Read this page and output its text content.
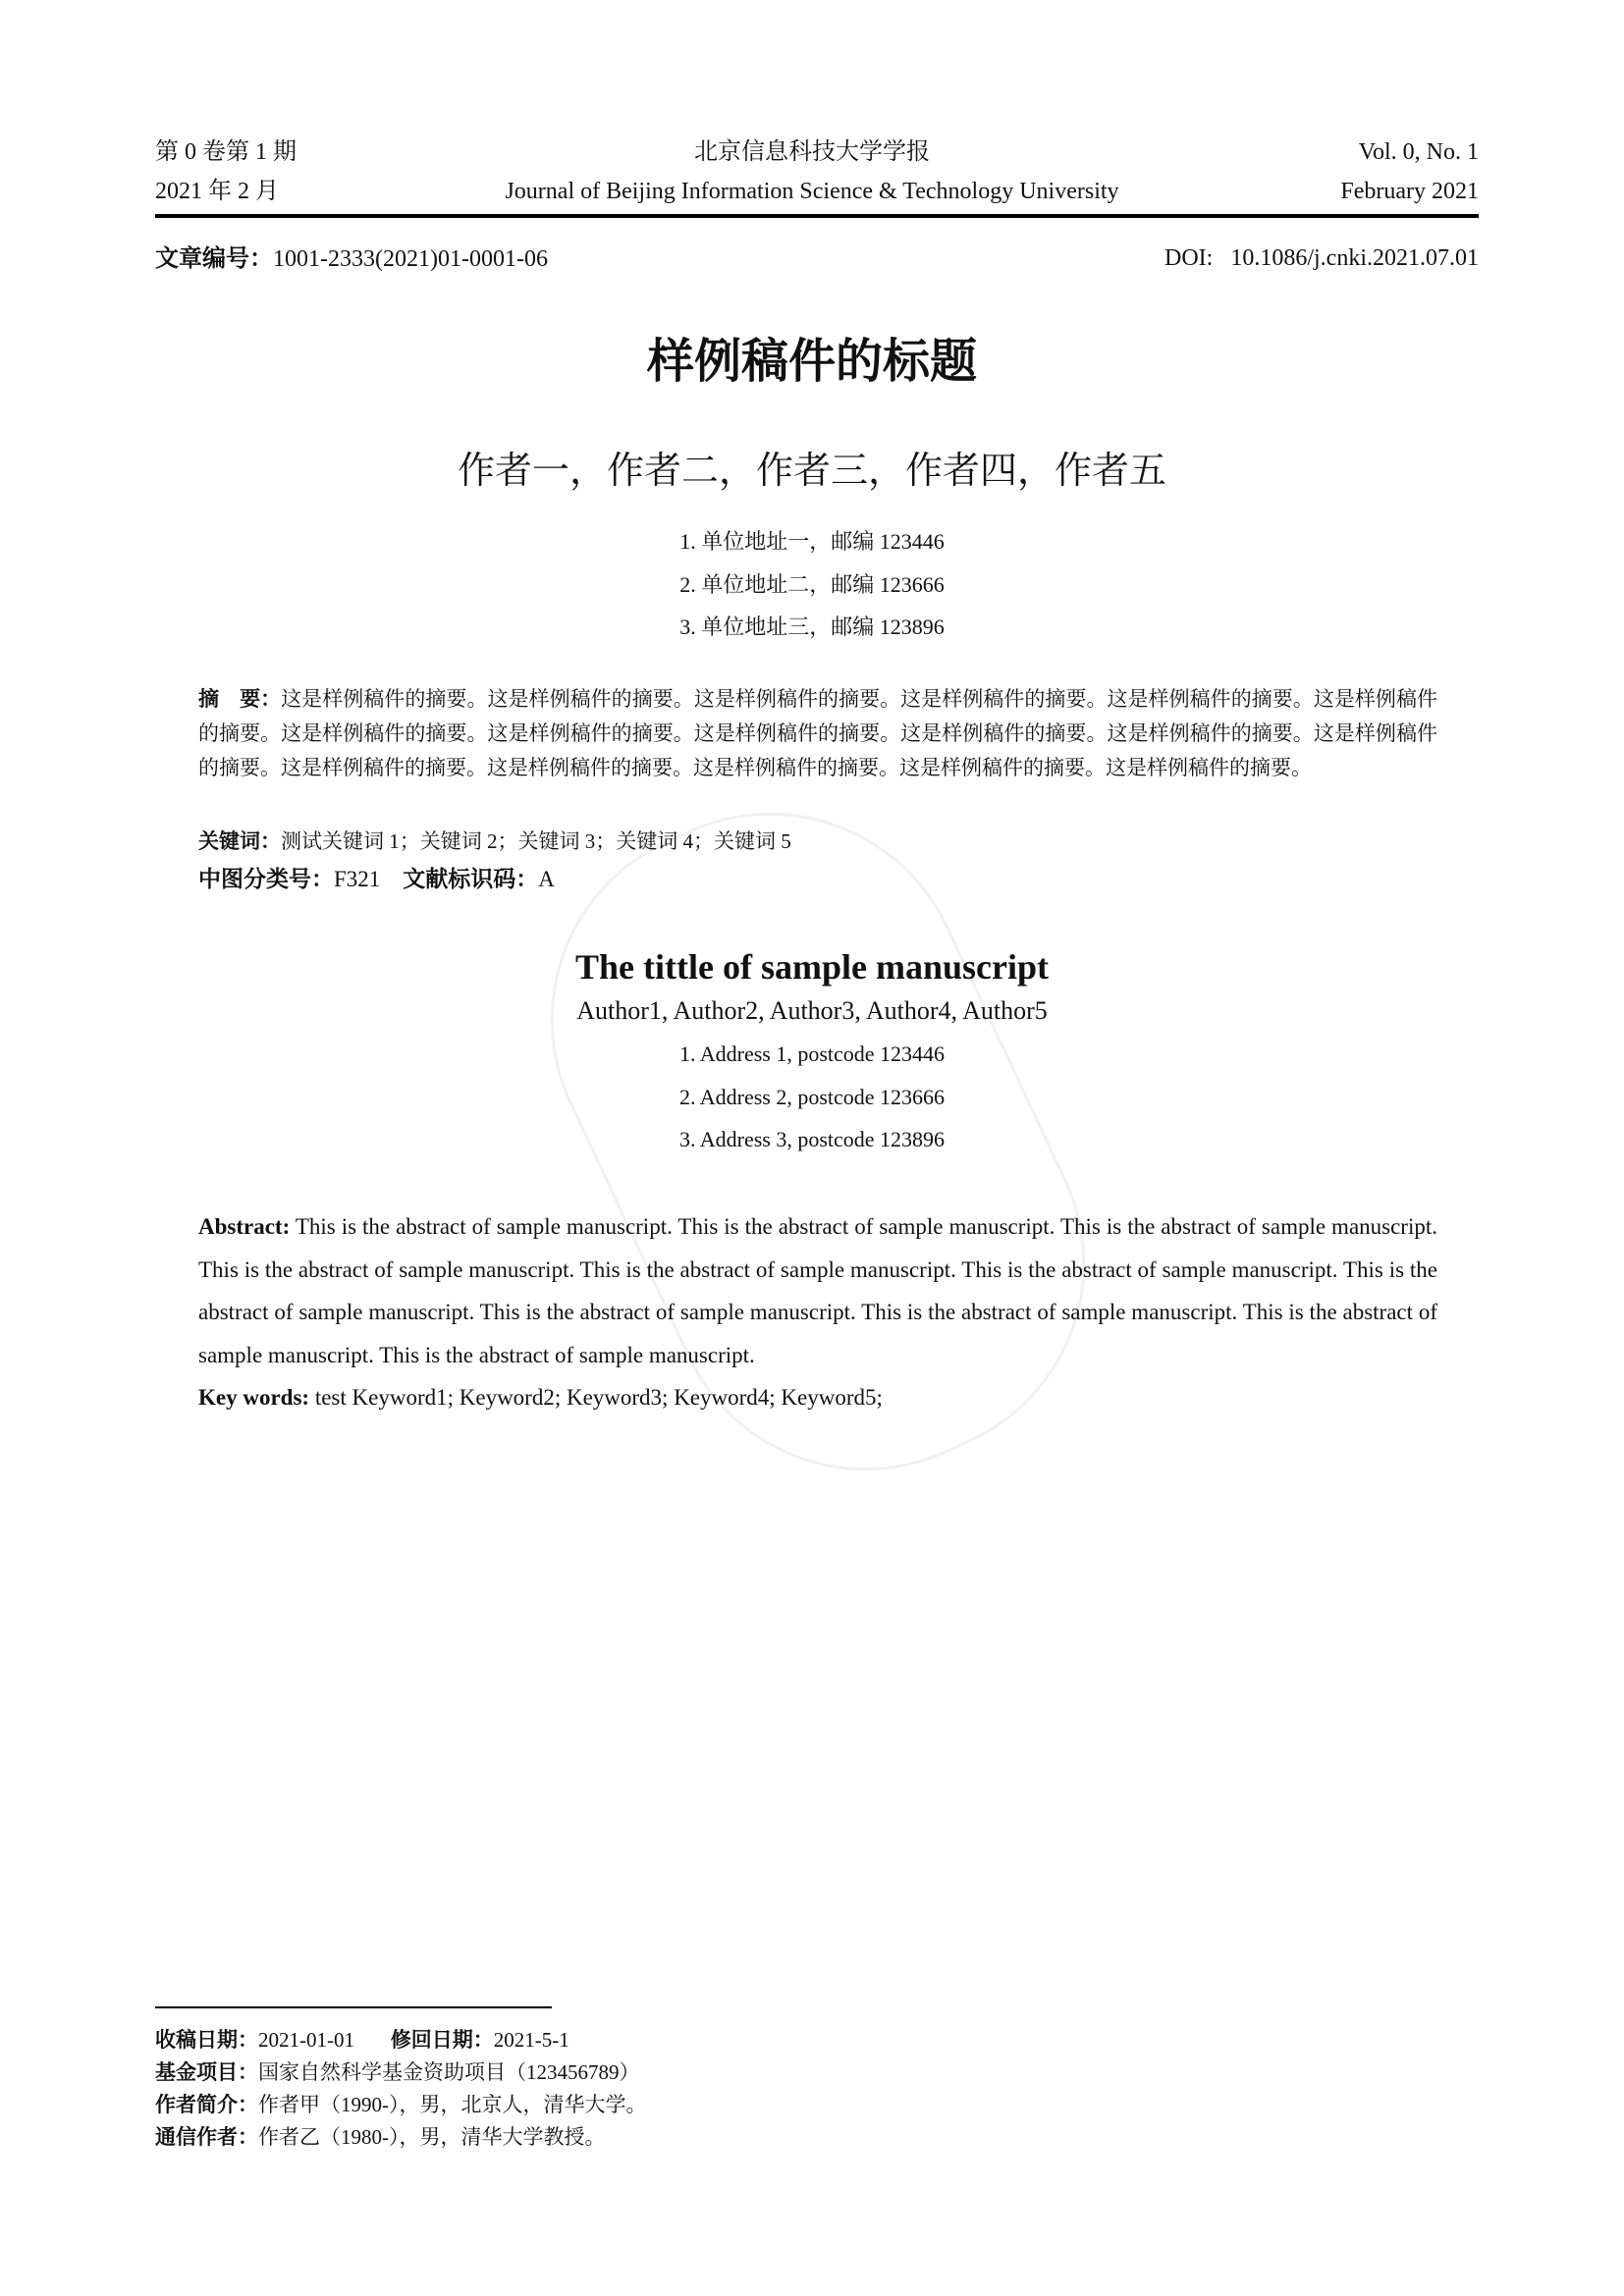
第 0 卷第 1 期	北京信息科技大学学报	Vol. 0, No. 1
2021 年 2 月	Journal of Beijing Information Science & Technology University	February 2021
文章编号：1001-2333(2021)01-0001-06	DOI: 10.1086/j.cnki.2021.07.01
样例稿件的标题
作者一，作者二，作者三，作者四，作者五
1. 单位地址一，邮编 123446
2. 单位地址二，邮编 123666
3. 单位地址三，邮编 123896
摘　要：这是样例稿件的摘要。这是样例稿件的摘要。这是样例稿件的摘要。这是样例稿件的摘要。这是样例稿件的摘要。这是样例稿件的摘要。这是样例稿件的摘要。这是样例稿件的摘要。这是样例稿件的摘要。这是样例稿件的摘要。这是样例稿件的摘要。这是样例稿件的摘要。这是样例稿件的摘要。这是样例稿件的摘要。这是样例稿件的摘要。这是样例稿件的摘要。这是样例稿件的摘要。
关键词：测试关键词 1；关键词 2；关键词 3；关键词 4；关键词 5
中图分类号：F321 文献标识码：A
The tittle of sample manuscript
Author1, Author2, Author3, Author4, Author5
1. Address 1, postcode 123446
2. Address 2, postcode 123666
3. Address 3, postcode 123896
Abstract: This is the abstract of sample manuscript. This is the abstract of sample manuscript. This is the abstract of sample manuscript. This is the abstract of sample manuscript. This is the abstract of sample manuscript. This is the abstract of sample manuscript. This is the abstract of sample manuscript. This is the abstract of sample manuscript. This is the abstract of sample manuscript. This is the abstract of sample manuscript. This is the abstract of sample manuscript.
Key words: test Keyword1; Keyword2; Keyword3; Keyword4; Keyword5;
收稿日期：2021-01-01 修回日期：2021-5-1
基金项目：国家自然科学基金资助项目（123456789）
作者简介：作者甲（1990-），男，北京人，清华大学。
通信作者：作者乙（1980-），男，清华大学教授。
